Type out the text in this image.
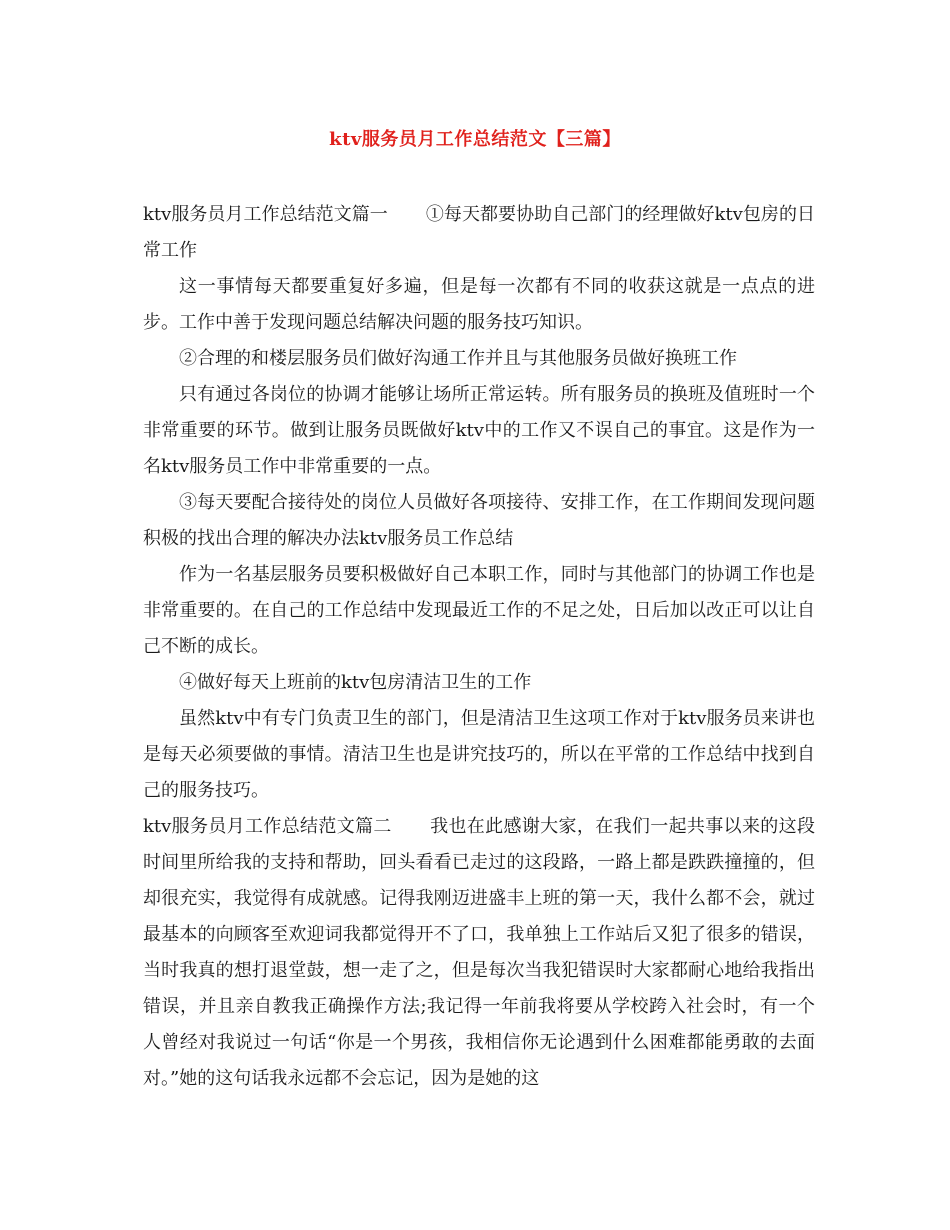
ktv服务员月工作总结范文【三篇】

ktv服务员月工作总结范文篇一 ①每天都要协助自己部门的经理做好ktv包房的日常工作

这一事情每天都要重复好多遍，但是每一次都有不同的收获这就是一点点的进步。工作中善于发现问题总结解决问题的服务技巧知识。

②合理的和楼层服务员们做好沟通工作并且与其他服务员做好换班工作

只有通过各岗位的协调才能够让场所正常运转。所有服务员的换班及值班时一个非常重要的环节。做到让服务员既做好ktv中的工作又不误自己的事宜。这是作为一名ktv服务员工作中非常重要的一点。

③每天要配合接待处的岗位人员做好各项接待、安排工作，在工作期间发现问题积极的找出合理的解决办法ktv服务员工作总结

作为一名基层服务员要积极做好自己本职工作，同时与其他部门的协调工作也是非常重要的。在自己的工作总结中发现最近工作的不足之处，日后加以改正可以让自己不断的成长。

④做好每天上班前的ktv包房清洁卫生的工作

虽然ktv中有专门负责卫生的部门，但是清洁卫生这项工作对于ktv服务员来讲也是每天必须要做的事情。清洁卫生也是讲究技巧的，所以在平常的工作总结中找到自己的服务技巧。

ktv服务员月工作总结范文篇二 我也在此感谢大家，在我们一起共事以来的这段时间里所给我的支持和帮助，回头看看已走过的这段路，一路上都是跌跌撞撞的，但却很充实，我觉得有成就感。记得我刚迈进盛丰上班的第一天，我什么都不会，就过最基本的向顾客至欢迎词我都觉得开不了口，我单独上工作站后又犯了很多的错误，当时我真的想打退堂鼓，想一走了之，但是每次当我犯错误时大家都耐心地给我指出错误，并且亲自教我正确操作方法;我记得一年前我将要从学校跨入社会时，有一个人曾经对我说过一句话“你是一个男孩，我相信你无论遇到什么困难都能勇敢的去面对。”她的这句话我永远都不会忘记，因为是她的这
